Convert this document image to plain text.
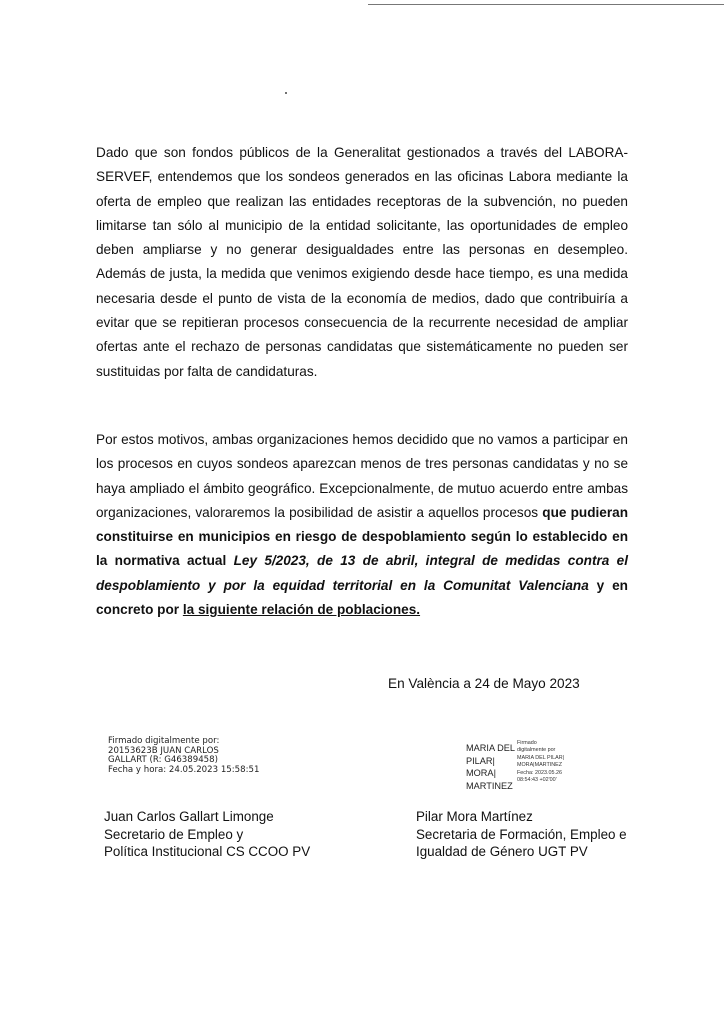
Dado que son fondos públicos de la Generalitat gestionados a través del LABORA-SERVEF, entendemos que los sondeos generados en las oficinas Labora mediante la oferta de empleo que realizan las entidades receptoras de la subvención, no pueden limitarse tan sólo al municipio de la entidad solicitante, las oportunidades de empleo deben ampliarse y no generar desigualdades entre las personas en desempleo. Además de justa, la medida que venimos exigiendo desde hace tiempo, es una medida necesaria desde el punto de vista de la economía de medios, dado que contribuiría a evitar que se repitieran procesos consecuencia de la recurrente necesidad de ampliar ofertas ante el rechazo de personas candidatas que sistemáticamente no pueden ser sustituidas por falta de candidaturas.

Por estos motivos, ambas organizaciones hemos decidido que no vamos a participar en los procesos en cuyos sondeos aparezcan menos de tres personas candidatas y no se haya ampliado el ámbito geográfico. Excepcionalmente, de mutuo acuerdo entre ambas organizaciones, valoraremos la posibilidad de asistir a aquellos procesos que pudieran constituirse en municipios en riesgo de despoblamiento según lo establecido en la normativa actual Ley 5/2023, de 13 de abril, integral de medidas contra el despoblamiento y por la equidad territorial en la Comunitat Valenciana y en concreto por la siguiente relación de poblaciones.

En València a 24 de Mayo 2023

Firmado digitalmente por:
20153623B JUAN CARLOS
GALLART (R: G46389458)
Fecha y hora: 24.05.2023 15:58:51
MARIA DEL
PILAR|
MORA|
MARTINEZ
Firmado
digitalmente por
MARIA DEL PILAR|
MORA|MARTINEZ
Fecha: 2023.05.26
08:54:43 +02'00'
Juan Carlos Gallart Limonge
Secretario de Empleo y
Política Institucional CS CCOO PV
Pilar Mora Martínez
Secretaria de Formación, Empleo e
Igualdad de Género UGT PV
